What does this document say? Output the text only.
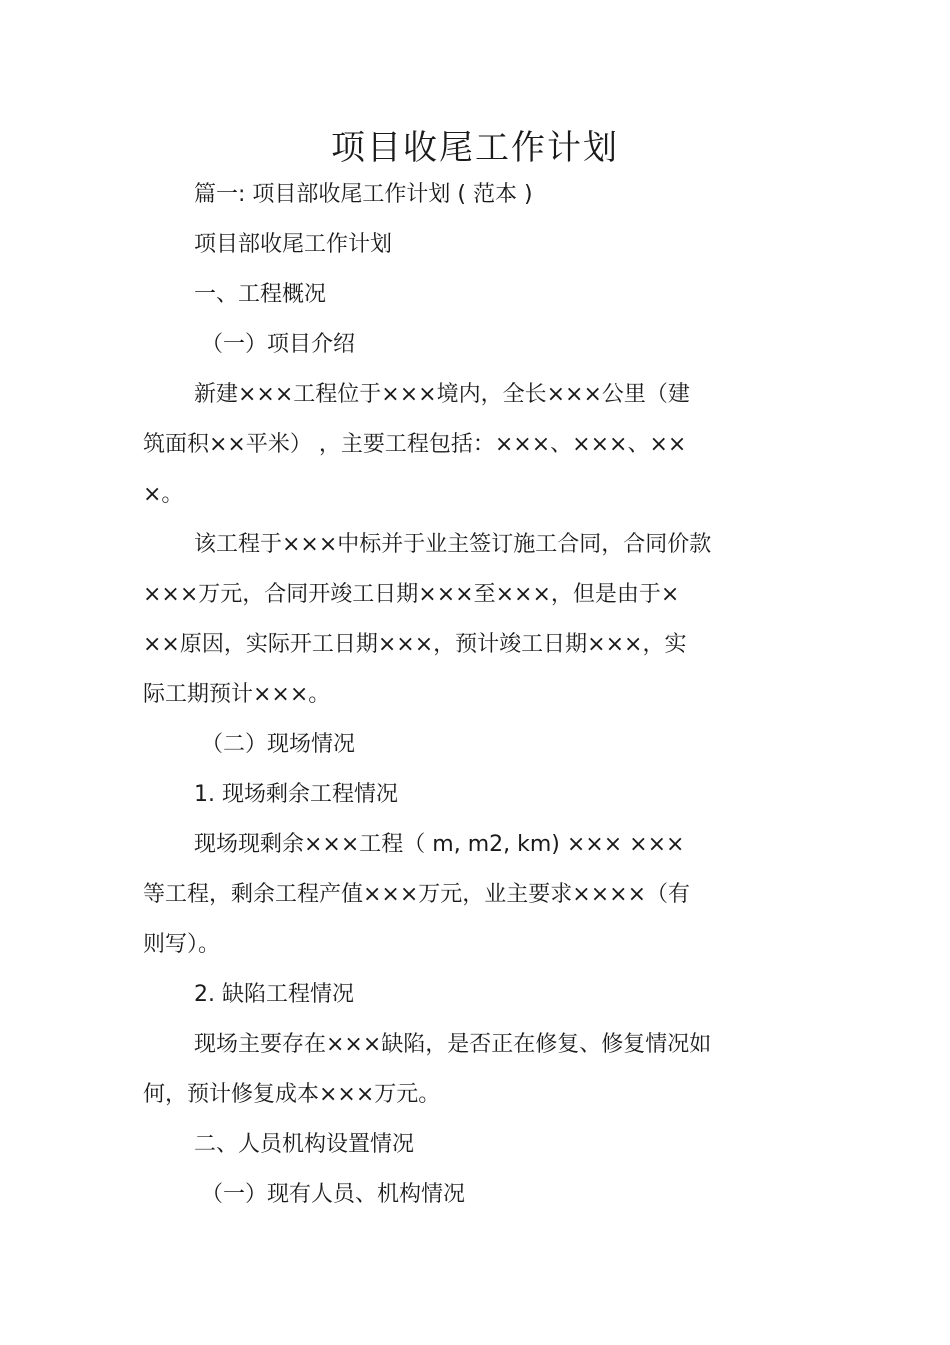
项目收尾工作计划

篇一: 项目部收尾工作计划 ( 范本 )

项目部收尾工作计划

一、工程概况

（一）项目介绍

新建×××工程位于×××境内，全长×××公里（建

筑面积××平米） ，主要工程包括：×××、×××、××

×。

该工程于×××中标并于业主签订施工合同，合同价款

×××万元，合同开竣工日期×××至×××，但是由于×

××原因，实际开工日期×××，预计竣工日期×××，实

际工期预计×××。

（二）现场情况

1. 现场剩余工程情况

现场现剩余×××工程（ m, m2, km) ××× ×××

等工程，剩余工程产值×××万元，业主要求××××（有

则写）。

2. 缺陷工程情况

现场主要存在×××缺陷，是否正在修复、修复情况如

何，预计修复成本×××万元。

二、人员机构设置情况

（一）现有人员、机构情况
